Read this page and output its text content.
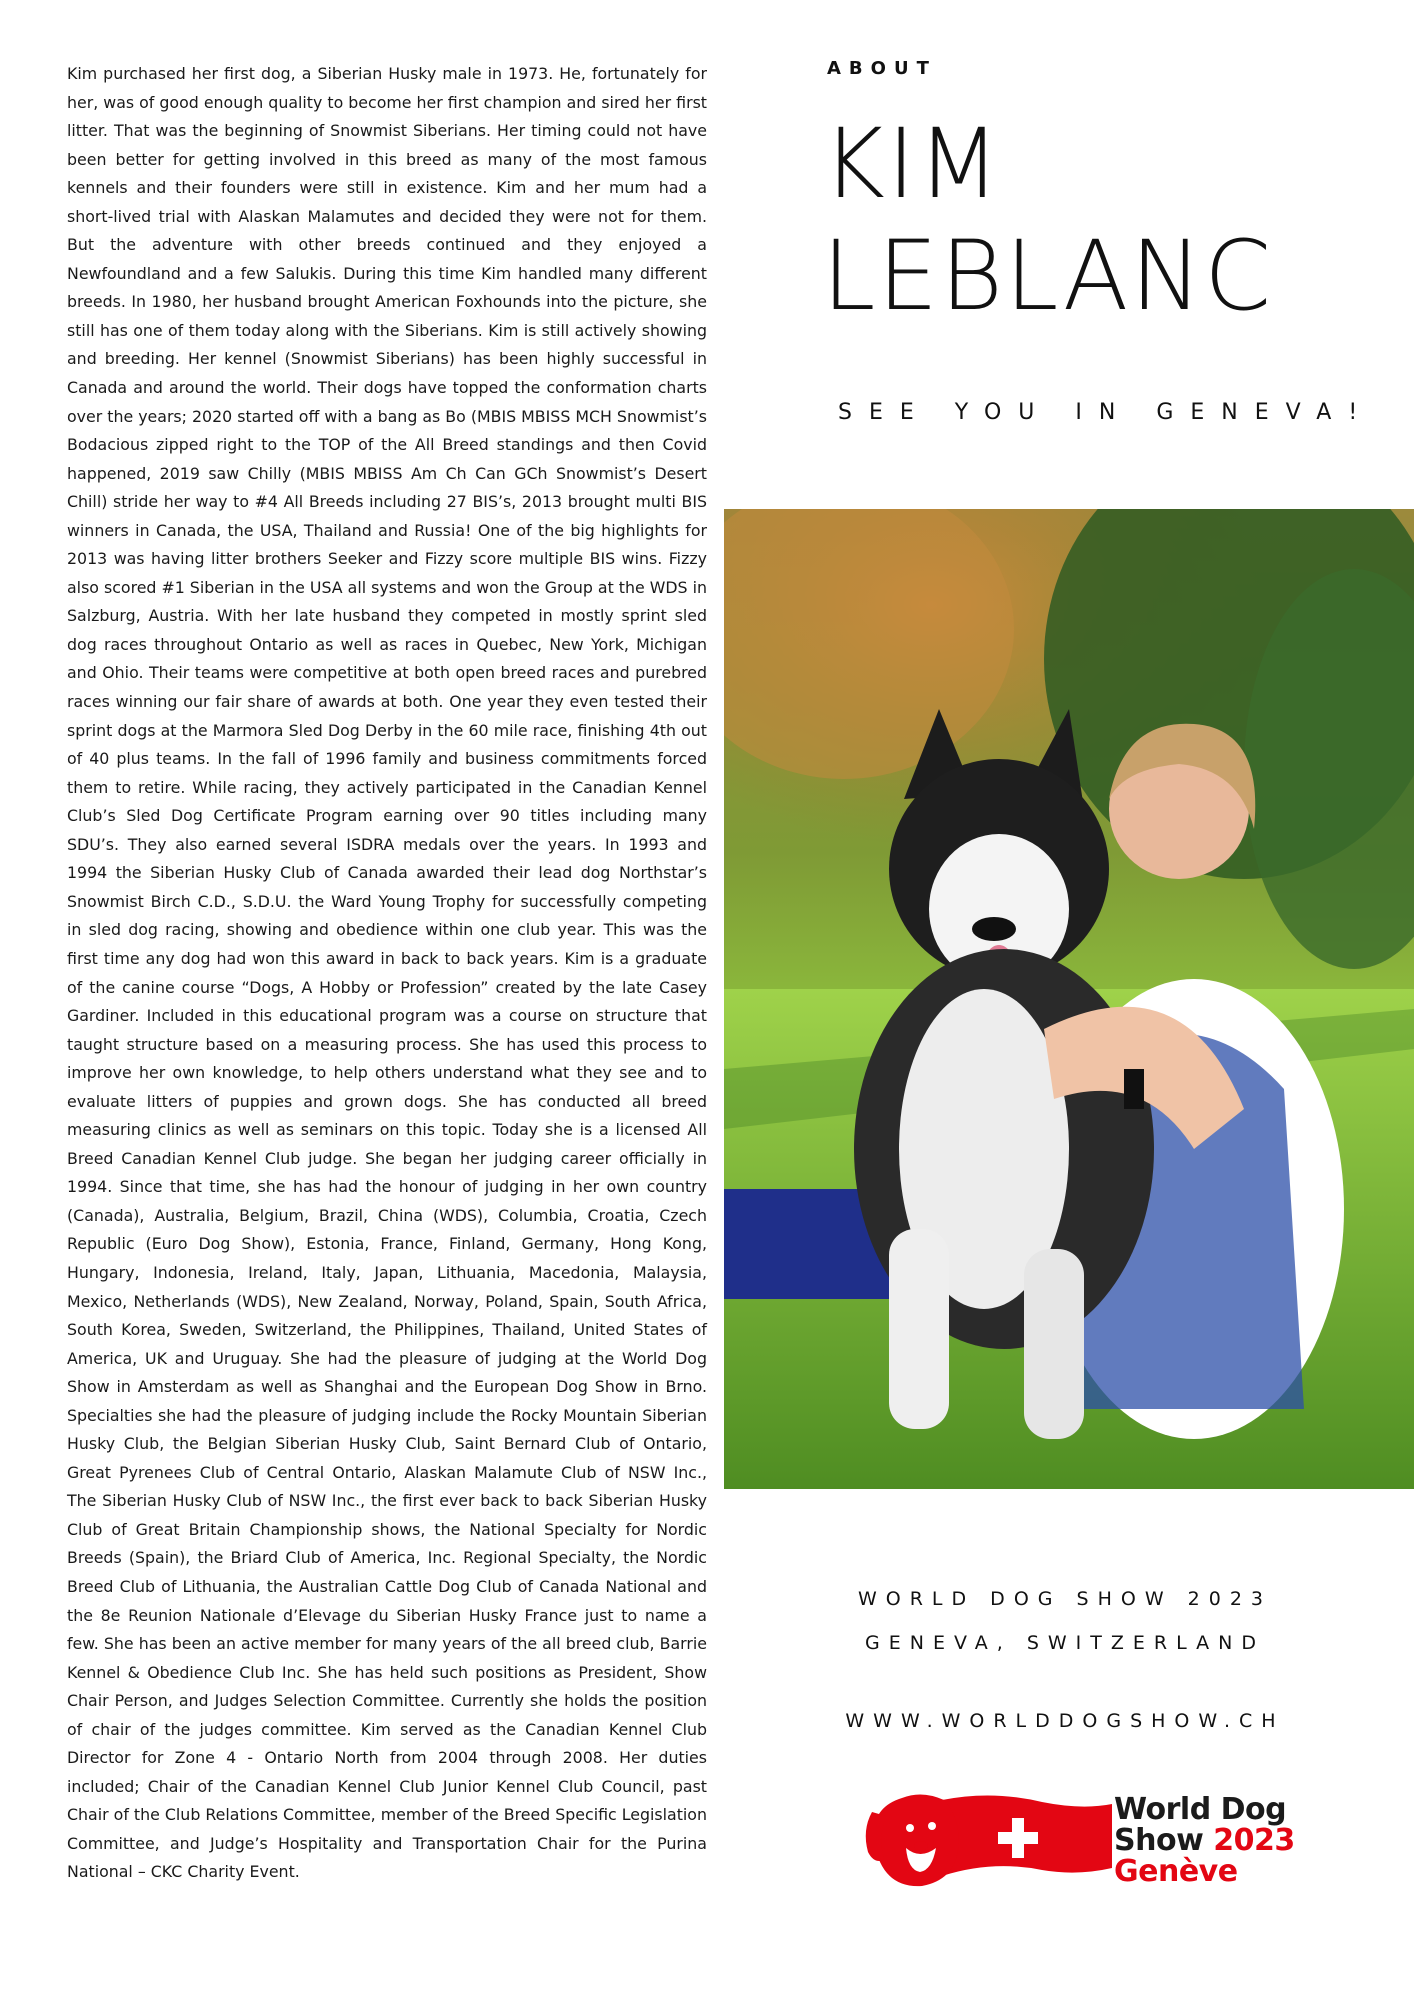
Kim purchased her first dog, a Siberian Husky male in 1973. He, fortunately for her, was of good enough quality to become her first champion and sired her first litter. That was the beginning of Snowmist Siberians. Her timing could not have been better for getting involved in this breed as many of the most famous kennels and their founders were still in existence. Kim and her mum had a short-lived trial with Alaskan Malamutes and decided they were not for them. But the adventure with other breeds continued and they enjoyed a Newfoundland and a few Salukis. During this time Kim handled many different breeds. In 1980, her husband brought American Foxhounds into the picture, she still has one of them today along with the Siberians. Kim is still actively showing and breeding. Her kennel (Snowmist Siberians) has been highly successful in Canada and around the world. Their dogs have topped the conformation charts over the years; 2020 started off with a bang as Bo (MBIS MBISS MCH Snowmist’s Bodacious zipped right to the TOP of the All Breed standings and then Covid happened, 2019 saw Chilly (MBIS MBISS Am Ch Can GCh Snowmist’s Desert Chill) stride her way to #4 All Breeds including 27 BIS’s, 2013 brought multi BIS winners in Canada, the USA, Thailand and Russia! One of the big highlights for 2013 was having litter brothers Seeker and Fizzy score multiple BIS wins. Fizzy also scored #1 Siberian in the USA all systems and won the Group at the WDS in Salzburg, Austria. With her late husband they competed in mostly sprint sled dog races throughout Ontario as well as races in Quebec, New York, Michigan and Ohio. Their teams were competitive at both open breed races and purebred races winning our fair share of awards at both. One year they even tested their sprint dogs at the Marmora Sled Dog Derby in the 60 mile race, finishing 4th out of 40 plus teams. In the fall of 1996 family and business commitments forced them to retire. While racing, they actively participated in the Canadian Kennel Club’s Sled Dog Certificate Program earning over 90 titles including many SDU’s. They also earned several ISDRA medals over the years. In 1993 and 1994 the Siberian Husky Club of Canada awarded their lead dog Northstar’s Snowmist Birch C.D., S.D.U. the Ward Young Trophy for successfully competing in sled dog racing, showing and obedience within one club year. This was the first time any dog had won this award in back to back years. Kim is a graduate of the canine course “Dogs, A Hobby or Profession” created by the late Casey Gardiner. Included in this educational program was a course on structure that taught structure based on a measuring process. She has used this process to improve her own knowledge, to help others understand what they see and to evaluate litters of puppies and grown dogs. She has conducted all breed measuring clinics as well as seminars on this topic. Today she is a licensed All Breed Canadian Kennel Club judge. She began her judging career officially in 1994. Since that time, she has had the honour of judging in her own country (Canada), Australia, Belgium, Brazil, China (WDS), Columbia, Croatia, Czech Republic (Euro Dog Show), Estonia, France, Finland, Germany, Hong Kong, Hungary, Indonesia, Ireland, Italy, Japan, Lithuania, Macedonia, Malaysia, Mexico, Netherlands (WDS), New Zealand, Norway, Poland, Spain, South Africa, South Korea, Sweden, Switzerland, the Philippines, Thailand, United States of America, UK and Uruguay. She had the pleasure of judging at the World Dog Show in Amsterdam as well as Shanghai and the European Dog Show in Brno. Specialties she had the pleasure of judging include the Rocky Mountain Siberian Husky Club, the Belgian Siberian Husky Club, Saint Bernard Club of Ontario, Great Pyrenees Club of Central Ontario, Alaskan Malamute Club of NSW Inc., The Siberian Husky Club of NSW Inc., the first ever back to back Siberian Husky Club of Great Britain Championship shows, the National Specialty for Nordic Breeds (Spain), the Briard Club of America, Inc. Regional Specialty, the Nordic Breed Club of Lithuania, the Australian Cattle Dog Club of Canada National and the 8e Reunion Nationale d’Elevage du Siberian Husky France just to name a few. She has been an active member for many years of the all breed club, Barrie Kennel & Obedience Club Inc. She has held such positions as President, Show Chair Person, and Judges Selection Committee. Currently she holds the position of chair of the judges committee. Kim served as the Canadian Kennel Club Director for Zone 4 - Ontario North from 2004 through 2008. Her duties included; Chair of the Canadian Kennel Club Junior Kennel Club Council, past Chair of the Club Relations Committee, member of the Breed Specific Legislation Committee, and Judge’s Hospitality and Transportation Chair for the Purina National – CKC Charity Event.
ABOUT
KIM
LEBLANC
SEE YOU IN GENEVA!
WORLD DOG SHOW 2023
GENEVA, SWITZERLAND
WWW.WORLDDOGSHOW.CH
World Dog
Show 2023
Genève
